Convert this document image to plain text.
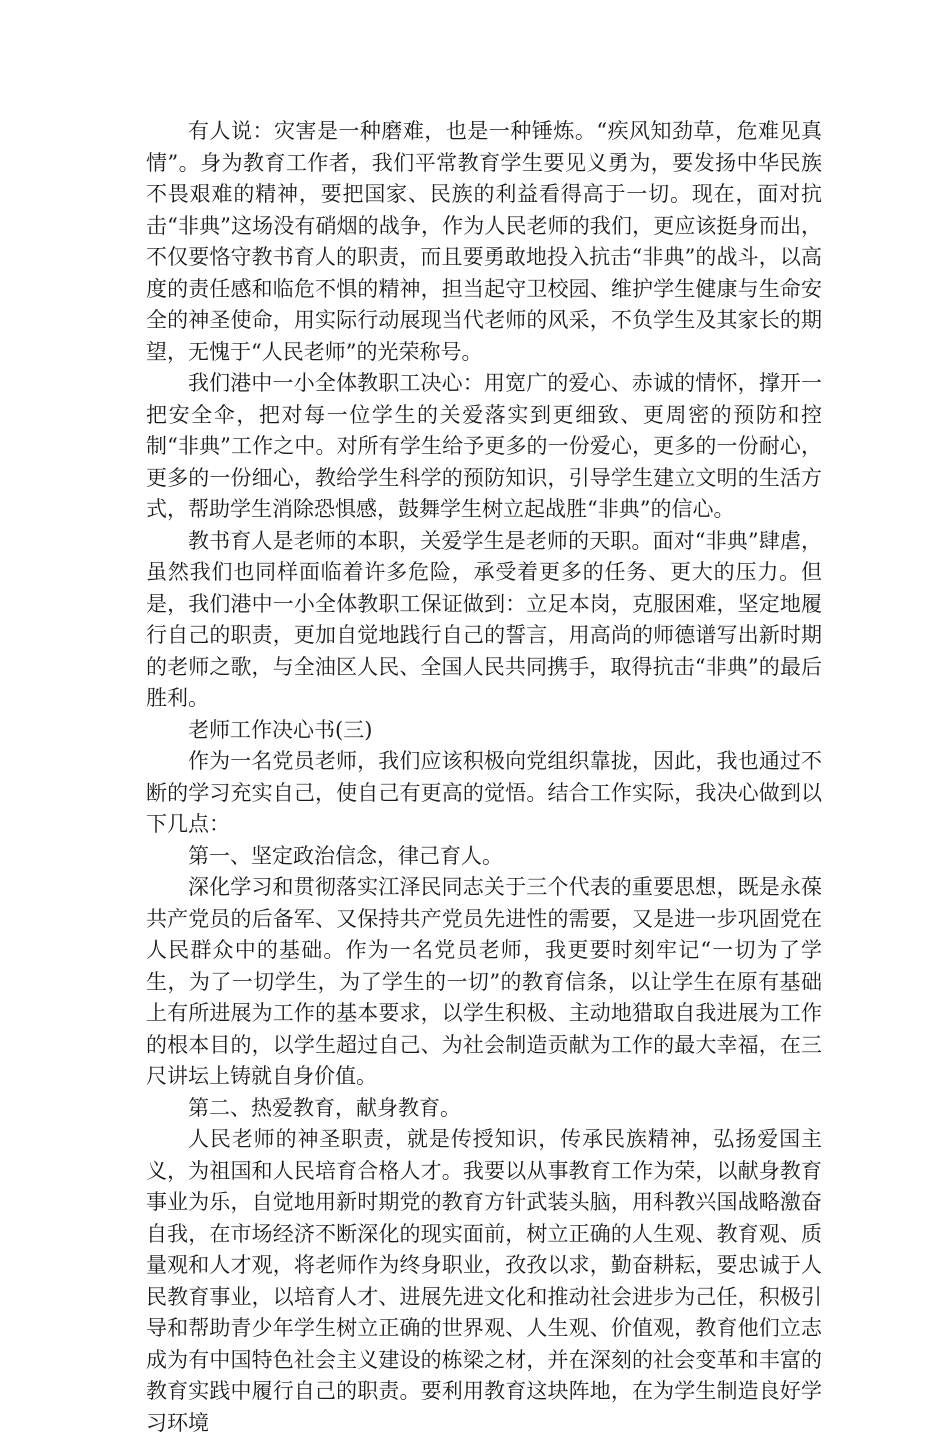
有人说：灾害是一种磨难，也是一种锤炼。“疾风知劲草，危难见真情”。身为教育工作者，我们平常教育学生要见义勇为，要发扬中华民族不畏艰难的精神，要把国家、民族的利益看得高于一切。现在，面对抗击“非典”这场没有硝烟的战争，作为人民老师的我们，更应该挺身而出，不仅要恪守教书育人的职责，而且要勇敢地投入抗击“非典”的战斗，以高度的责任感和临危不惧的精神，担当起守卫校园、维护学生健康与生命安全的神圣使命，用实际行动展现当代老师的风采，不负学生及其家长的期望，无愧于“人民老师”的光荣称号。

我们港中一小全体教职工决心：用宽广的爱心、赤诚的情怀，撑开一把安全伞，把对每一位学生的关爱落实到更细致、更周密的预防和控制“非典”工作之中。对所有学生给予更多的一份爱心，更多的一份耐心，更多的一份细心，教给学生科学的预防知识，引导学生建立文明的生活方式，帮助学生消除恐惧感，鼓舞学生树立起战胜“非典”的信心。

教书育人是老师的本职，关爱学生是老师的天职。面对“非典”肆虐，虽然我们也同样面临着许多危险，承受着更多的任务、更大的压力。但是，我们港中一小全体教职工保证做到：立足本岗，克服困难，坚定地履行自己的职责，更加自觉地践行自己的誓言，用高尚的师德谱写出新时期的老师之歌，与全油区人民、全国人民共同携手，取得抗击“非典”的最后胜利。

老师工作决心书(三)

作为一名党员老师，我们应该积极向党组织靠拢，因此，我也通过不断的学习充实自己，使自己有更高的觉悟。结合工作实际，我决心做到以下几点：

第一、坚定政治信念，律己育人。

深化学习和贯彻落实江泽民同志关于三个代表的重要思想，既是永葆共产党员的后备军、又保持共产党员先进性的需要，又是进一步巩固党在人民群众中的基础。作为一名党员老师，我更要时刻牢记“一切为了学生，为了一切学生，为了学生的一切”的教育信条，以让学生在原有基础上有所进展为工作的基本要求，以学生积极、主动地猎取自我进展为工作的根本目的，以学生超过自己、为社会制造贡献为工作的最大幸福，在三尺讲坛上铸就自身价值。

第二、热爱教育，献身教育。

人民老师的神圣职责，就是传授知识，传承民族精神，弘扬爱国主义，为祖国和人民培育合格人才。我要以从事教育工作为荣，以献身教育事业为乐，自觉地用新时期党的教育方针武装头脑，用科教兴国战略激奋自我，在市场经济不断深化的现实面前，树立正确的人生观、教育观、质量观和人才观，将老师作为终身职业，孜孜以求，勤奋耕耘，要忠诚于人民教育事业，以培育人才、进展先进文化和推动社会进步为己任，积极引导和帮助青少年学生树立正确的世界观、人生观、价值观，教育他们立志成为有中国特色社会主义建设的栋梁之材，并在深刻的社会变革和丰富的教育实践中履行自己的职责。要利用教育这块阵地，在为学生制造良好学习环境
